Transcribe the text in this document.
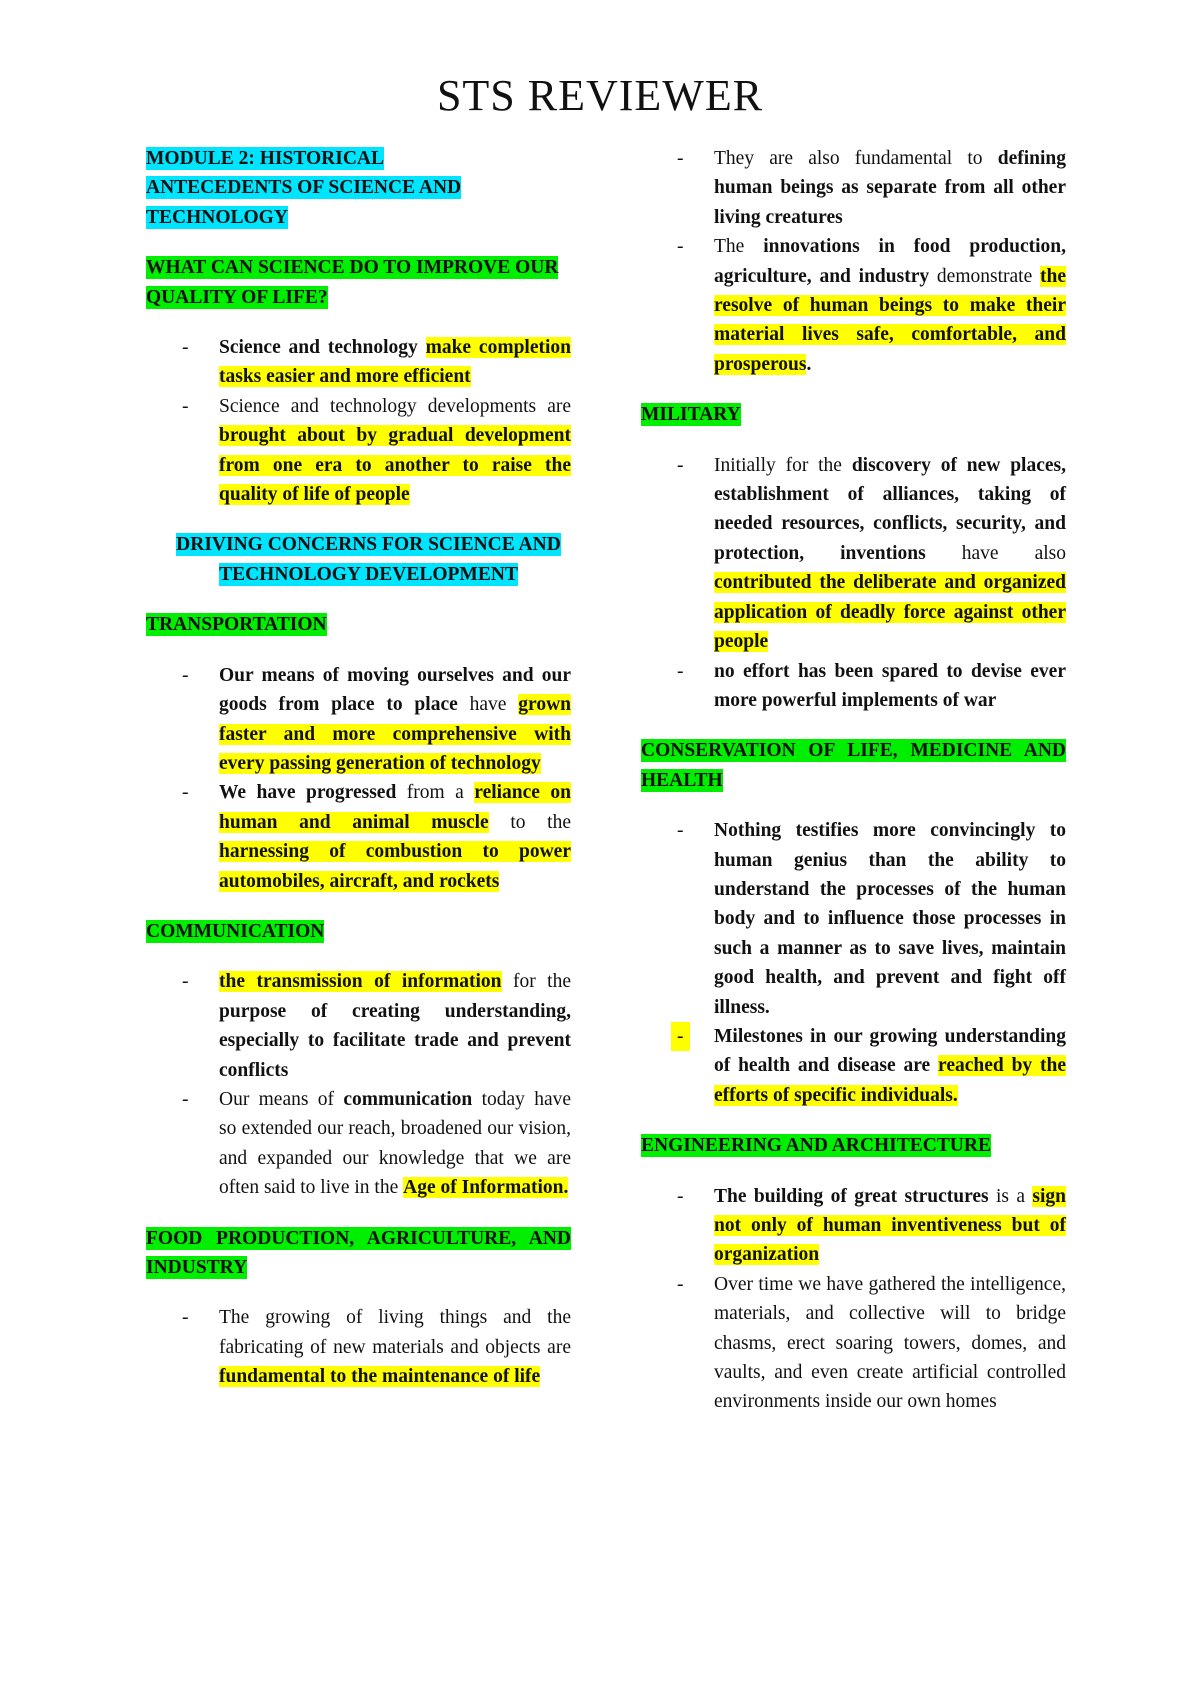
STS REVIEWER
MODULE 2: HISTORICAL ANTECEDENTS OF SCIENCE AND TECHNOLOGY
WHAT CAN SCIENCE DO TO IMPROVE OUR QUALITY OF LIFE?
- Science and technology make completion tasks easier and more efficient
- Science and technology developments are brought about by gradual development from one era to another to raise the quality of life of people
DRIVING CONCERNS FOR SCIENCE AND TECHNOLOGY DEVELOPMENT
TRANSPORTATION
- Our means of moving ourselves and our goods from place to place have grown faster and more comprehensive with every passing generation of technology
- We have progressed from a reliance on human and animal muscle to the harnessing of combustion to power automobiles, aircraft, and rockets
COMMUNICATION
- the transmission of information for the purpose of creating understanding, especially to facilitate trade and prevent conflicts
- Our means of communication today have so extended our reach, broadened our vision, and expanded our knowledge that we are often said to live in the Age of Information.
FOOD PRODUCTION, AGRICULTURE, AND INDUSTRY
- The growing of living things and the fabricating of new materials and objects are fundamental to the maintenance of life
- They are also fundamental to defining human beings as separate from all other living creatures
- The innovations in food production, agriculture, and industry demonstrate the resolve of human beings to make their material lives safe, comfortable, and prosperous.
MILITARY
- Initially for the discovery of new places, establishment of alliances, taking of needed resources, conflicts, security, and protection, inventions have also contributed the deliberate and organized application of deadly force against other people
- no effort has been spared to devise ever more powerful implements of war
CONSERVATION OF LIFE, MEDICINE AND HEALTH
- Nothing testifies more convincingly to human genius than the ability to understand the processes of the human body and to influence those processes in such a manner as to save lives, maintain good health, and prevent and fight off illness.
-	Milestones in our growing understanding of health and disease are reached by the efforts of specific individuals.
ENGINEERING AND ARCHITECTURE
- The building of great structures is a sign not only of human inventiveness but of organization
- Over time we have gathered the intelligence, materials, and collective will to bridge chasms, erect soaring towers, domes, and vaults, and even create artificial controlled environments inside our own homes
